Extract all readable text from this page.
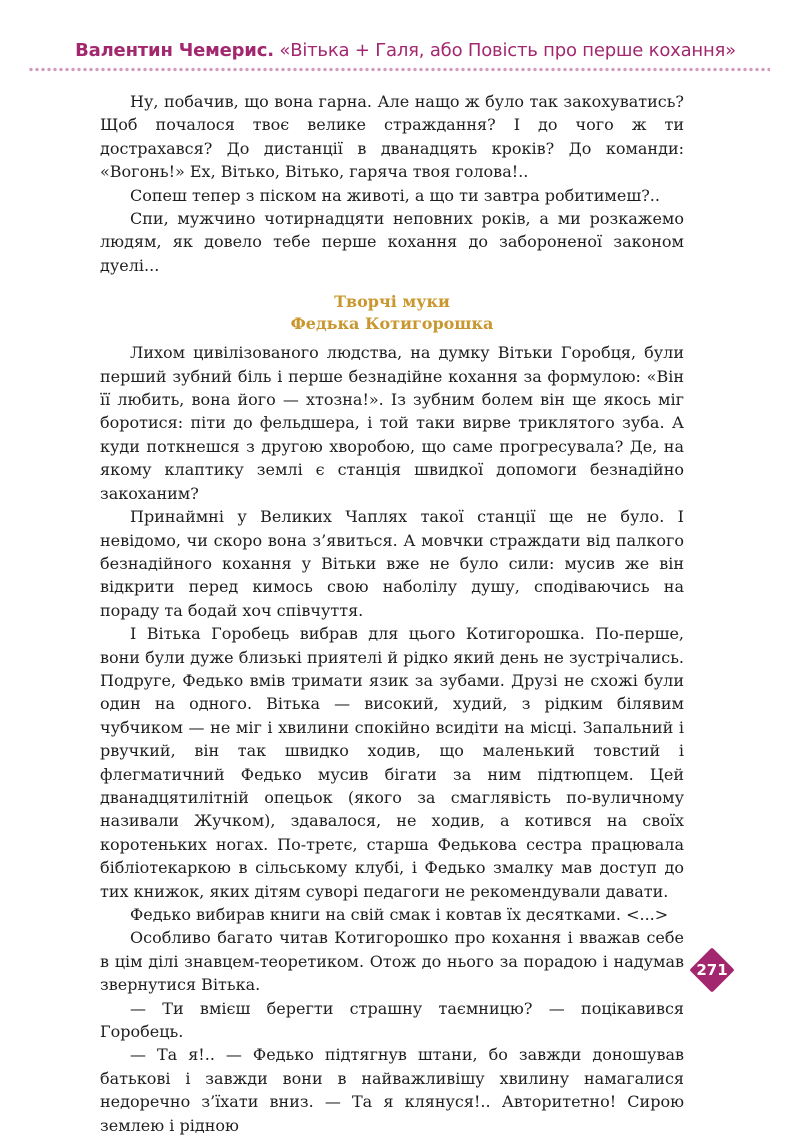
Валентин Чемерис. «Вітька + Галя, або Повість про перше кохання»

Ну, побачив, що вона гарна. Але нащо ж було так закохуватись? Щоб почалося твоє велике страждання? І до чого ж ти дострахався? До дистанції в дванадцять кроків? До команди: «Вогонь!» Ех, Вітько, Вітько, гаряча твоя голова!..

Сопеш тепер з піском на животі, а що ти завтра робитимеш?..

Спи, мужчино чотирнадцяти неповних років, а ми розкажемо людям, як довело тебе перше кохання до забороненої законом дуелі...

Творчі муки
Федька Котигорошка

Лихом цивілізованого людства, на думку Вітьки Горобця, були перший зубний біль і перше безнадійне кохання за формулою: «Він її любить, вона його — хтозна!». Із зубним болем він ще якось міг боротися: піти до фельдшера, і той таки вирве триклятого зуба. А куди поткнешся з другою хворобою, що саме прогресувала? Де, на якому клаптику землі є станція швидкої допомоги безнадійно закоханим?

Принаймні у Великих Чаплях такої станції ще не було. І невідомо, чи скоро вона з’явиться. А мовчки страждати від палкого безнадійного кохання у Вітьки вже не було сили: мусив же він відкрити перед кимось свою наболілу душу, сподіваючись на пораду та бодай хоч співчуття.

І Вітька Горобець вибрав для цього Котигорошка. По-перше, вони були дуже близькі приятелі й рідко який день не зустрічались. Подруге, Федько вмів тримати язик за зубами. Друзі не схожі були один на одного. Вітька — високий, худий, з рідким білявим чубчиком — не міг і хвилини спокійно всидіти на місці. Запальний і рвучкий, він так швидко ходив, що маленький товстий і флегматичний Федько мусив бігати за ним підтюпцем. Цей дванадцятилітній опецьок (якого за смаглявість по-вуличному називали Жучком), здавалося, не ходив, а котився на своїх коротеньких ногах. По-третє, старша Федькова сестра працювала бібліотекаркою в сільському клубі, і Федько змалку мав доступ до тих книжок, яких дітям суворі педагоги не рекомендували давати.

Федько вибирав книги на свій смак і ковтав їх десятками. <...>

Особливо багато читав Котигорошко про кохання і вважав себе в цім ділі знавцем-теоретиком. Отож до нього за порадою і надумав звернутися Вітька.

— Ти вмієш берегти страшну таємницю? — поцікавився Горобець.

— Та я!.. — Федько підтягнув штани, бо завжди доношував батькові і завжди вони в найважливішу хвилину намагалися недоречно з’їхати вниз. — Та я клянуся!.. Авторитетно! Сирою землею і рідною

271
